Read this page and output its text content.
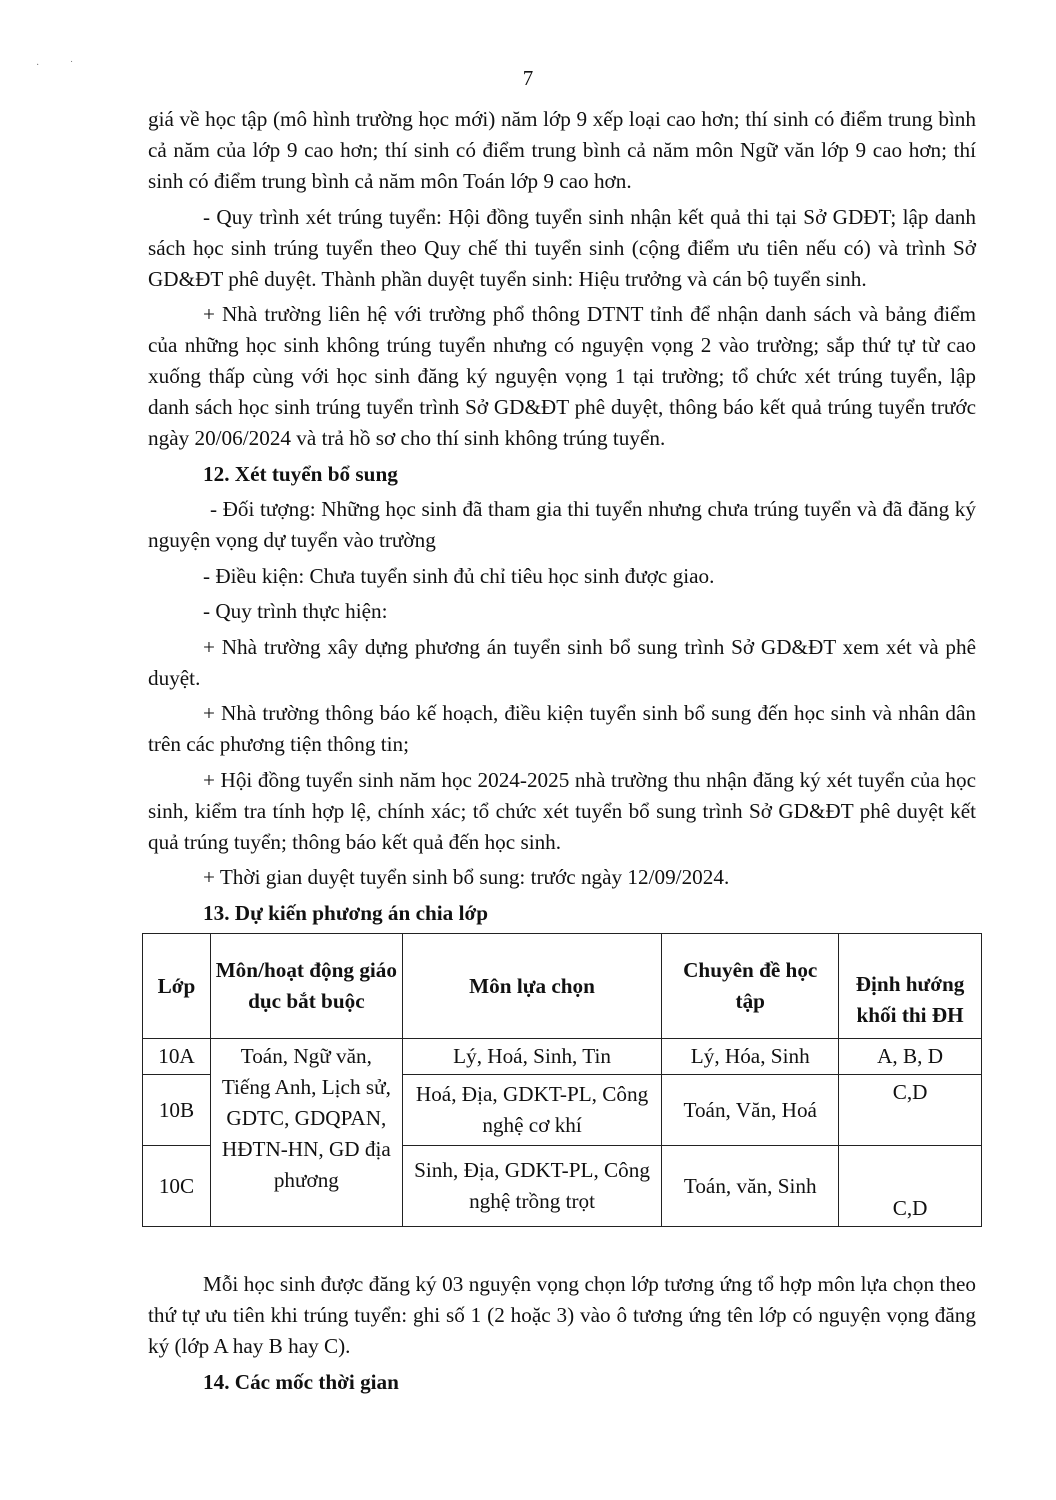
· ˙
7

giá về học tập (mô hình trường học mới) năm lớp 9 xếp loại cao hơn; thí sinh có điểm trung bình cả năm của lớp 9 cao hơn; thí sinh có điểm trung bình cả năm môn Ngữ văn lớp 9 cao hơn; thí sinh có điểm trung bình cả năm môn Toán lớp 9 cao hơn.

- Quy trình xét trúng tuyển: Hội đồng tuyển sinh nhận kết quả thi tại Sở GDĐT; lập danh sách học sinh trúng tuyển theo Quy chế thi tuyển sinh (cộng điểm ưu tiên nếu có) và trình Sở GD&ĐT phê duyệt. Thành phần duyệt tuyển sinh: Hiệu trưởng và cán bộ tuyển sinh.

+ Nhà trường liên hệ với trường phổ thông DTNT tỉnh để nhận danh sách và bảng điểm của những học sinh không trúng tuyển nhưng có nguyện vọng 2 vào trường; sắp thứ tự từ cao xuống thấp cùng với học sinh đăng ký nguyện vọng 1 tại trường; tổ chức xét trúng tuyển, lập danh sách học sinh trúng tuyển trình Sở GD&ĐT phê duyệt, thông báo kết quả trúng tuyển trước ngày 20/06/2024 và trả hồ sơ cho thí sinh không trúng tuyển.

12. Xét tuyển bổ sung

- Đối tượng: Những học sinh đã tham gia thi tuyển nhưng chưa trúng tuyển và đã đăng ký nguyện vọng dự tuyển vào trường

- Điều kiện: Chưa tuyển sinh đủ chỉ tiêu học sinh được giao.

- Quy trình thực hiện:

+ Nhà trường xây dựng phương án tuyển sinh bổ sung trình Sở GD&ĐT xem xét và phê duyệt.

+ Nhà trường thông báo kế hoạch, điều kiện tuyển sinh bổ sung đến học sinh và nhân dân trên các phương tiện thông tin;

+ Hội đồng tuyển sinh năm học 2024-2025 nhà trường thu nhận đăng ký xét tuyển của học sinh, kiểm tra tính hợp lệ, chính xác; tổ chức xét tuyển bổ sung trình Sở GD&ĐT phê duyệt kết quả trúng tuyển; thông báo kết quả đến học sinh.

+ Thời gian duyệt tuyển sinh bổ sung: trước ngày 12/09/2024.

13. Dự kiến phương án chia lớp
Lớp	Môn/hoạt động giáo dục bắt buộc	Môn lựa chọn	Chuyên đề học tập	Định hướng khối thi ĐH
10A	Toán, Ngữ văn, Tiếng Anh, Lịch sử, GDTC, GDQPAN, HĐTN-HN, GD địa phương	Lý, Hoá, Sinh, Tin	Lý, Hóa, Sinh	A, B, D
10B		Hoá, Địa, GDKT-PL, Công nghệ cơ khí	Toán, Văn, Hoá	C,D
10C		Sinh, Địa, GDKT-PL, Công nghệ trồng trọt	Toán, văn, Sinh	C,D

Mỗi học sinh được đăng ký 03 nguyện vọng chọn lớp tương ứng tổ hợp môn lựa chọn theo thứ tự ưu tiên khi trúng tuyển: ghi số 1 (2 hoặc 3) vào ô tương ứng tên lớp có nguyện vọng đăng ký (lớp A hay B hay C).

14. Các mốc thời gian
